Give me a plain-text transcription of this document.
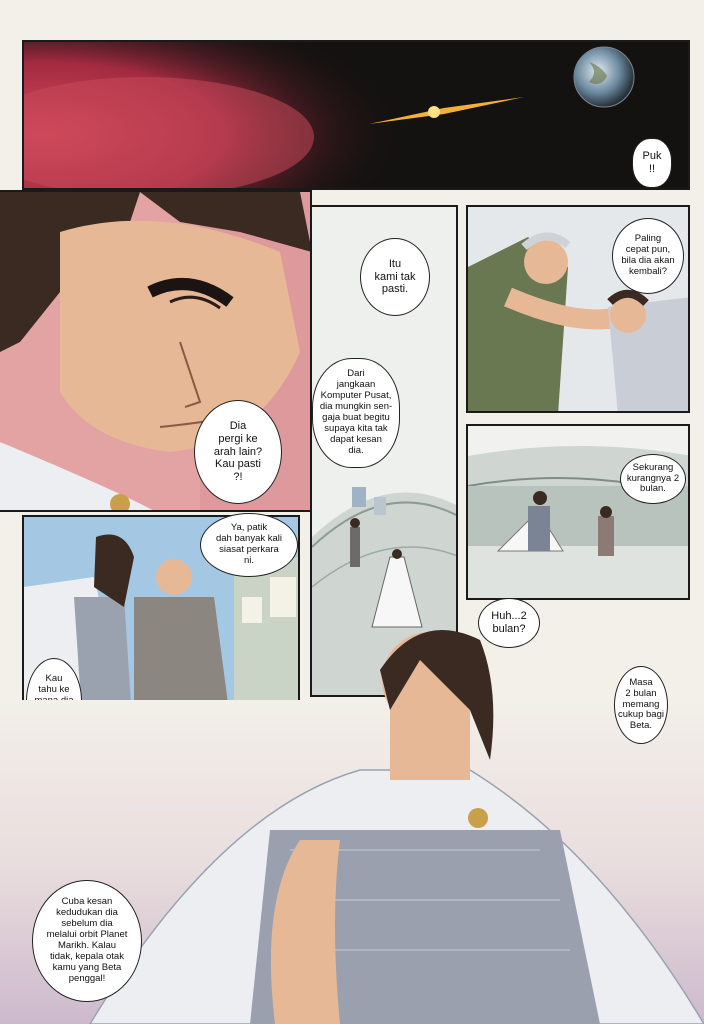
Puk
!!
Dia
pergi ke
arah lain?
Kau pasti
?!
Itu
kami tak
pasti.
Dari
jangkaan
Komputer Pusat,
dia mungkin sen-
gaja buat begitu
supaya kita tak
dapat kesan
dia.
Paling
cepat pun,
bila dia akan
kembali?
Sekurang
kurangnya 2
bulan.
Huh...2
bulan?
Ya, patik
dah banyak kali
siasat perkara
ni.
Kau
tahu ke

Masa
2 bulan
memang
cukup bagi
Beta.
Cuba kesan
kedudukan dia
sebelum dia
melalui orbit Planet
Marikh. Kalau
tidak, kepala otak
kamu yang Beta
penggal!
